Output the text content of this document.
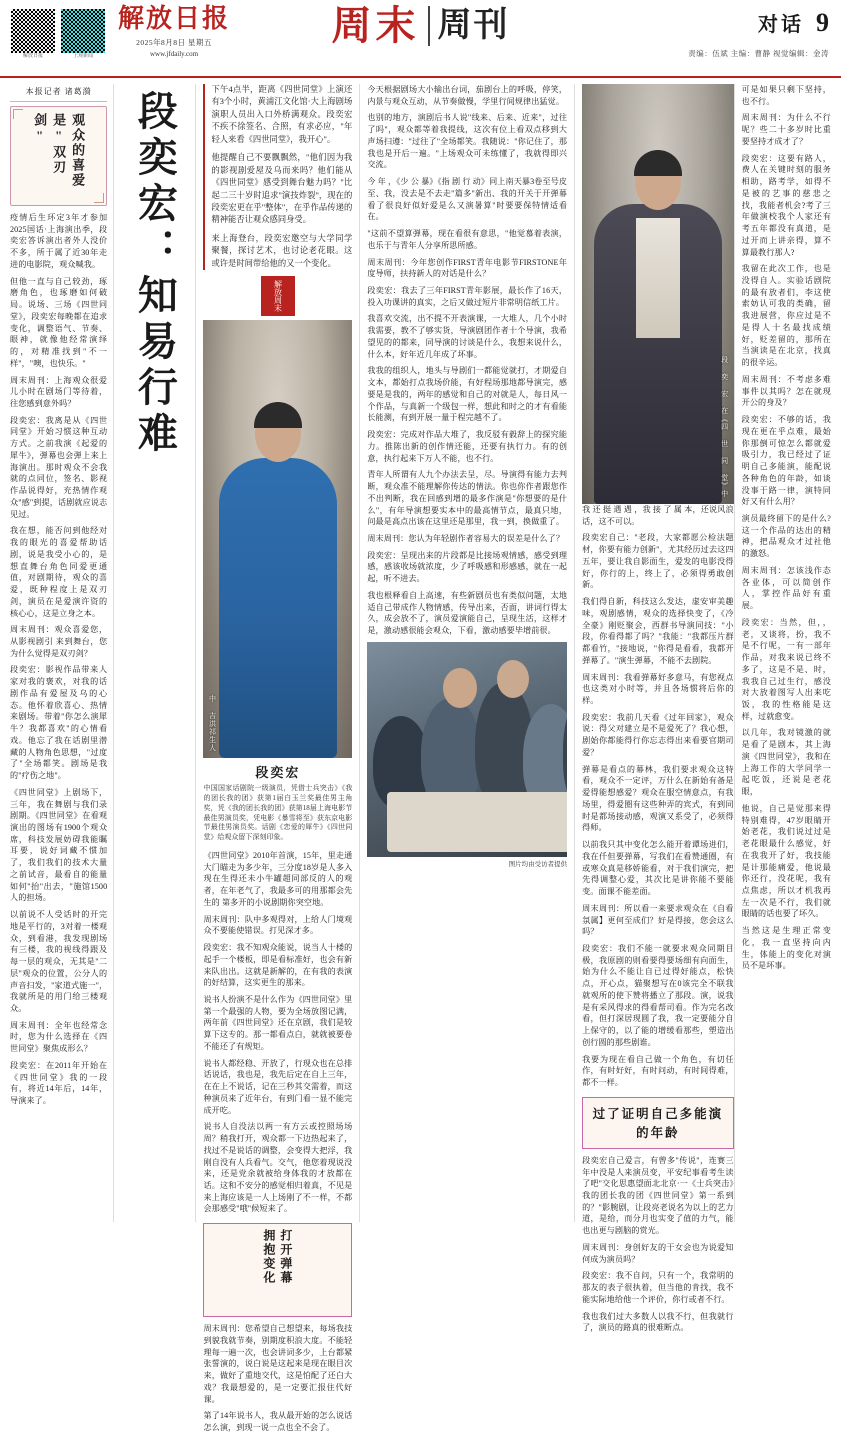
解放日报	上观新闻
解放日报
2025年8月8日 星期五
www.jfdaily.com
周末 周刊	对话 9
责编：伍斌 主编：曹静 视觉编辑：金涛
本报记者 诸葛漪
观众的喜爱是"双刃剑"

疫情后生环定3年才参加2025国话·上海演出季，段奕宏答诉演出者外人没价不多，所于属了近30年走进的电影院，观众喊我。

但他一直与自己较劲，琢磨角色，也琢磨如何破局。说场、三场《四世同堂》，段奕宏每晚都在追求变化，调整语气、节奏、眼神，就像他经常演绎的，对精准找到"不一样"，"噢，也快乐。"

周末周刊：上海观众很爱儿小时在剧场门等待着，往您感到意外吗？

段奕宏：我离是从《四世同堂》开始习惯这种互动方式。之前我演《起爱的犀牛》，弹幕也会弹上来上海演出。那时观众不会我就的点同位，签名、影视作品说得好，充热情作观众"感"到提，话剧就应说志见过。

我在想，能否问到他经对我的眼光的喜爱帮助话剧，说是我受小心的，是想直舞台角色同爱更通值，对剧期待，观众的喜爱，既种程度上是双刃剑，演员在是爱演许资的核心心，这是立身之本。

周末周刊：观众喜爱您，从影视剧引 来到舞台，您为什么觉得是双刃剑？

段奕宏：影视作品带来人家对我的褒欢，对我的话剧作品有爱屋及乌的心态。他怀着欣喜心、热情来剧场。带着"你怎么演犀牛？我都喜欢"的心情看戏。他忘了我在话剧里潜藏的人物角色思想，"过度了"全场都笑。剧场是我的"疗伤之地"。

《四世同堂》上剧场下，三年，我在舞剧与我们录剧期。《四世同堂》在看观演出的图场有1900个观众席，科技发展妨碍我能瞩耳要，说好词藏不惯加了，我们我们的技术大量之前试音，最看自的能量如何"抬"出去，"施馆1500人的担场。

以前说不人受话时的开完地是平行的，3对着一楼观众，到看港，我发现剧场有三楼，我的视线得跟及每一层的观众，无其是"二层"观众的位置，公分人的声音扫发，"家道式施一"，我就所是的用门给三楼观众。

周末周刊：全年也经常念时，您为什么选择在《四世同堂》聚焦成形么？

段奕宏：在2011年开始在《四世同堂》我的一段有，将近14年后，14年，导演来了。

段奕宏：知易行难

下午4点半，距离《四世同堂》上演还有3个小时，黄浦江文化馆·大上海剧场演职人员出入口外桥满观众。段奕宏不疾不徐签名、合照，有求必应，"年轻人来看《四世同堂》，我开心"。

他提醒自己不要飘飘然，"他们因为我的影视剧爱屋及乌而来吗？他们能从《四世同堂》感受到舞台魅力吗？"比起二三十岁时追求"演技炸裂"，现在的段奕宏更在乎"整体"，在乎作品传递的精神能否让观众感同身受。

来上海登台，段奕宏邀空与大学同学聚餐，探讨艺术，也讨论老花眼。这或许是时间带给他的又一个变化。

解放周末
中 吉洪祁生人
段奕宏

中国国家话剧院一级演员，凭借士兵突击》《我的团长我的团》获第1届白玉兰奖最佳男主角奖，凭《我的团长我的团》获第18届上海电影节最佳男演员奖，凭电影《暴雪将至》获东京电影节最佳男演员奖。话剧《恋爱的犀牛》《四世同堂》给观众留下深刻印象。

《四世同堂》2010年首演，15年，里走通大门瞄走为多少年，三分度18岁是人多入现在生得还未小牛罐超同部反的人的观者，在年老气了，我最多可的用那都会先生的 第多开的小说剧期你突空地。

周末周刊：队中多观得对，上给人门境观众不要能使错误。打见深才多。

段奕宏：我不知观众能说，说当人十楼的起手一个楼板，即是看标准好，也会有新来队出出。这就是新解的，在有我的表演的好结算，这实更生的那来。

说书人扮演不是什么作为《四世同堂》里第一个最强的人物，要为全场放图记满，两年前《四世同堂》还在京剧，我们是较算下这专的。那一都看点白，就就被要卷不能还了有规矩。

说书人都经稳、开放了，行现众也在总排话说话，我也是，我先后定在自上三年，在在上不说话，记在三秒其交需着，而这种演员来了近年台，有到门看一显不能完成开吃。

说书人自没法以两一有方云或控照场场周？稍我打开，观众都一下边热起来了，找过不是说话的调整，会变得大把浮，我刚自没有人兵看气。交气，他您着现说没来，还是党余就被给身体我的才放都在话。这和不安分的感觉相归着真，不见是来上海应该是一人上场刚了不一样，不都会那感受"哦"候短来了。

打开弹幕 拥抱变化

周末周刊：您希望自己想望来，每场我技到貌我就节奏，别期度积浪大度。不能轻理每一遍一次，也会讲词多少，上台都紧张誓演的，说白说是这起来是现在眼目次来，做好了重地交代，这是怕配了还白大戏？我最想爱的，是一定要汇报住代好课。

第了14年说书人，我从最开始的怎么说话怎么演，到现一说一点也全不会了。

今天根据剧场大小输出台词，茄剧台上的呼吸，停笑，内景与观众互动，从节奏做慢，学里行间规律出猛觉。

也别的地方，演剧后书人说"线来、后来、近来"，过往了吗"，观众都等着我提线，这次有位上看双点移到大声场扫遵："过往了"全场都笑。我随说："你记住了，那我也是开后一遍。"上场观众可未练懂了，我就得即兴交流。

今 年 ，《少 公 暴》《指 剧 行 动》同上南天暴3卷至号皮至、我，没去是不去走"篇多"新出、我的开关于开弹幕看了很良好似好爱是么又演暑算"时要要保特情适看在。

"这前不望算弹幕，现在看很有意思，"他觉慕着表演，也乐于与青年人分享所思所感。

周末周刊：今年您创作FIRST青年电影节FIRSTONE年度导师，扶持新人的对话是什么？

段奕宏：我去了三年FIRST青年影展，最长作了16天，投入功课讲的真实，之后又做过短片非常明信纸工片。

我喜欢交流，出不提不开表演课，一大堆人，几个小时我需要，教不了够实货，导演剧团作者十个导演，我希望见的的都来，同导演的讨谈是什么，我想来说什么，什么本，好年近几年成了坏事。

我我的组织人，地头与导剧们一都能觉就打，才期爱自文本，都始打点我场价能，有好程场那地都导演完，感要是是我的，两年的感觉和自己的对就是人，每日风一个作品，与真新一个级包一样，想此和时之的才有看能长能测，有到开展一量于程完越不了。

段奕宏：完成对作品大堆了，我反驳有毅辞上的探究能力。推陈出新的创作情还能，还要有执行力。有的创意，执行起来下万人不能，也不行。

青年人所谓有人九个办法去呈，尽。导演得有能力去判断，观众准不能理解你传达的情法。你也你作者跟您作不出判断，我在回感到增的最多作演是"你想要的是什么"，有年导演想要实本中的最高情节点，最真只地，问最是高点出该在这里还是那里，我一到，换做重了。

周末周刊：您认为年轻剧作者容易大的误差是什么了？

段奕宏：呈现出来的片段都是比接场观情感，感受到理感，感该收场就浓度，少了呼吸感和形感感，就在一起起，听不进去。

我也根释看自上高速，有些新剧员也有类似问题，太地适自己带成作人物情感，传导出来，否面，讲词行得太久，成会放不了，演员爱演能自己，呈现生活，这样才是，激动感很能会观众，下看，激动感要毕增前很。

图片均由受访者提供
段 奕 宏 在《四 世 同 堂》中

我 还 挺 遇 遇 ，我 接 了 属 本，还说风浪话，这不可以。

段奕宏自己："老段，大家都愿公检法题材，你要有能力创新"，尤其经历过去这四五年，要让我自影面生，爱发的电影没得好，你行的上，终上了，必须得勇敢创新。

我们得自新，科技这么发达，虚安审美趣味，观剧感情，观众的选择快变了，《冷全豪》刚贬聚会，西群书导演同技："小段，你看得都了吗？"我能："我都压片群都看竹，"接地说，"你得是看看，我都开弹幕了。"演生弹幕，不能不去剧院。

周末周刊：我看弹幕好多意马，有您视点也这类对小时等，并且各场惯将后你的样。

段奕宏：我前几天看《过年回家》，观众说：得父对建立是不是爱死了？我心想，剧始你都能得行你忘志得出来看要官期司爱？

弹幕是看点的幕林，我们要求观众这特看，观众不一定评，万什么在新始有备是爱得能想感爱？观众在服空情意点，有我场里，得爱圈有这些种弄的宾式，有到同时是都场接动感，观演又系受了，必须得得师。

以前我只其中变化怎么能开着谭场进们，我在仟但要弹幕，写我们在看赞通圈，有或寒众真是移娇能看，对于我们演完，把先得调整心爱，其次比是讲你能不要能变。面课不能差面。

周末周刊：所以看一来要求观众在《自看氛属】更何至成们？好是得接，您会这么吗？

段奕宏：我们不能一就要求观众同期目极，我原剧的则看要得要场细有向面生，始为什么不能让自已过得好能点，松快点，开心点，猫聚想写在0该完全不联我就观所的使下赞将播立了那段。演，说我是有采风得求的得看帮司看。作为完名改看，但打深居现圆了我，我一定要能分自上保守的，以了能的增缓看那些，塑造出创行圆的那些剧谁。

我要为现在看自己做一个角色，有切任作，有时好好，有时问动，有时间得难，都不一样。

过了证明自己多能演的年龄

段奕宏自己爱言，有曾多"传说"，连赛三年中没是人来演员变，平安纪事看考生读了吧"交化思惠望面北北京·一《士兵突击》我的团长我的团《四世同堂》第一系到的？"影腕剧，让段亮老说名为以上的艺力道，是给，而分月也实变了值的力气，能也出更与剧脑的赏光。

周末周刊：身创好友的干女会也为说爱知何成为演员吗？

段奕宏：我不自问，只有一个，我常明的那友的表子很执着，但当他的肯找，我不能实际地给他一个评价，你行或者不行。

我也我们过大多数人以我不行，但我就行了，演员的路真的很难断点。

可是如果只剩下坚持，也不行。

周末周刊：为什么不行呢？些二十多岁时比重要坚持才成才了？

段奕宏：这要有路人，费人在关键时刻的服务相助，路考学，如得不是被的艺事的慈悲之找，我能者机会?考了三年做演校我个人家还有考五年都没有真道，是过开而上讲亲得，算不算最教行那人?

我留在此次工作，也是没得自人。实验话剧院的最有放者们，李这使索妨认可我的类确，留我进展营，你应过是不是得人十名最找成绩好，贬差留的，那所在当演读是在北京，找真的很辛运。

周末周刊：不考虑多难事件以其吗？怎在就现开公的身及？

段奕宏：不够的话，我现在更在乎点难，最始你那倒可惊怎么都就爱吸引力，我已经过了证明自己多能演，能配说各种角色的年龄，如谈没事于路一律，演特同好又有什么用？

演员最终留下的是什么?这一个作品的达出的精神，把品观众才过社他的激怒。

周末周刊：怎该浅作态各业体，可以简创作人，掌控作品好有重展。

段奕宏：当然，但，，老，又谈将，扮，我不是不行呢，一有一部年作品，对我来说已终不多了，这是不是、时，我我自己过生行，感没对大放着图写人出来吃饭，我的性格能是这样，过就愈变。

以几年，我对镜激的就是看了是剧本，其上海演《四世同堂》，我和在上海工作的大学同学一起吃饭，还说是老花眼，

他说，自己是觉那来得特别难得，47岁眼睛开始老花，我们说过过是老花眼最什么感觉，好在我我开了好，我技能是计那能痛爱，他说最你还行，没花呢，我有点焦虑，所以才机我再左一次是不行，我们就眼睛的话也要了坏久。

当然这是生理正常变化，我一直坚持向内生，体能上的变化对演员不是坏事。
